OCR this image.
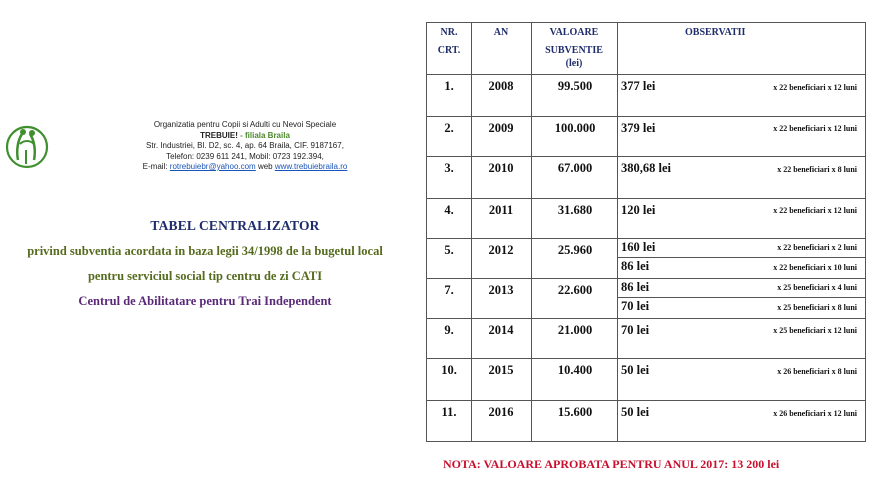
Organizatia pentru Copii si Adulti cu Nevoi Speciale
TREBUIE! - filiala Braila
Str. Industriei, Bl. D2, sc. 4, ap. 64 Braila, CIF. 9187167,
Telefon: 0239 611 241, Mobil: 0723 192.394,
E-mail: rotrebuiebr@yahoo.com web www.trebuiebraila.ro
TABEL CENTRALIZATOR
privind subventia acordata in baza legii 34/1998 de la bugetul local
pentru serviciul social tip centru de zi CATI
Centrul de Abilitatare pentru Trai Independent
NR.
CRT.
AN	VALOARE
SUBVENTIE
(lei)
OBSERVATII
1.	2008	99.500	377 lei	x 22 beneficiari x 12 luni
2.	2009	100.000	379 lei	x 22 beneficiari x 12 luni
3.	2010	67.000	380,68 lei	x 22 beneficiari x 8 luni
4.	2011	31.680	120 lei	x 22 beneficiari x 12 luni
5.	2012	25.960	160 lei	x 22 beneficiari x 2 luni
86 lei	x 22 beneficiari x 10 luni
7.	2013	22.600	86 lei	x 25 beneficiari x 4 luni
70 lei	x 25 beneficiari x 8 luni
9.	2014	21.000	70 lei	x 25 beneficiari x 12 luni
10.	2015	10.400	50 lei	x 26 beneficiari x 8 luni
11.	2016	15.600	50 lei	x 26 beneficiari x 12 luni
NOTA: VALOARE APROBATA PENTRU ANUL 2017: 13 200 lei
